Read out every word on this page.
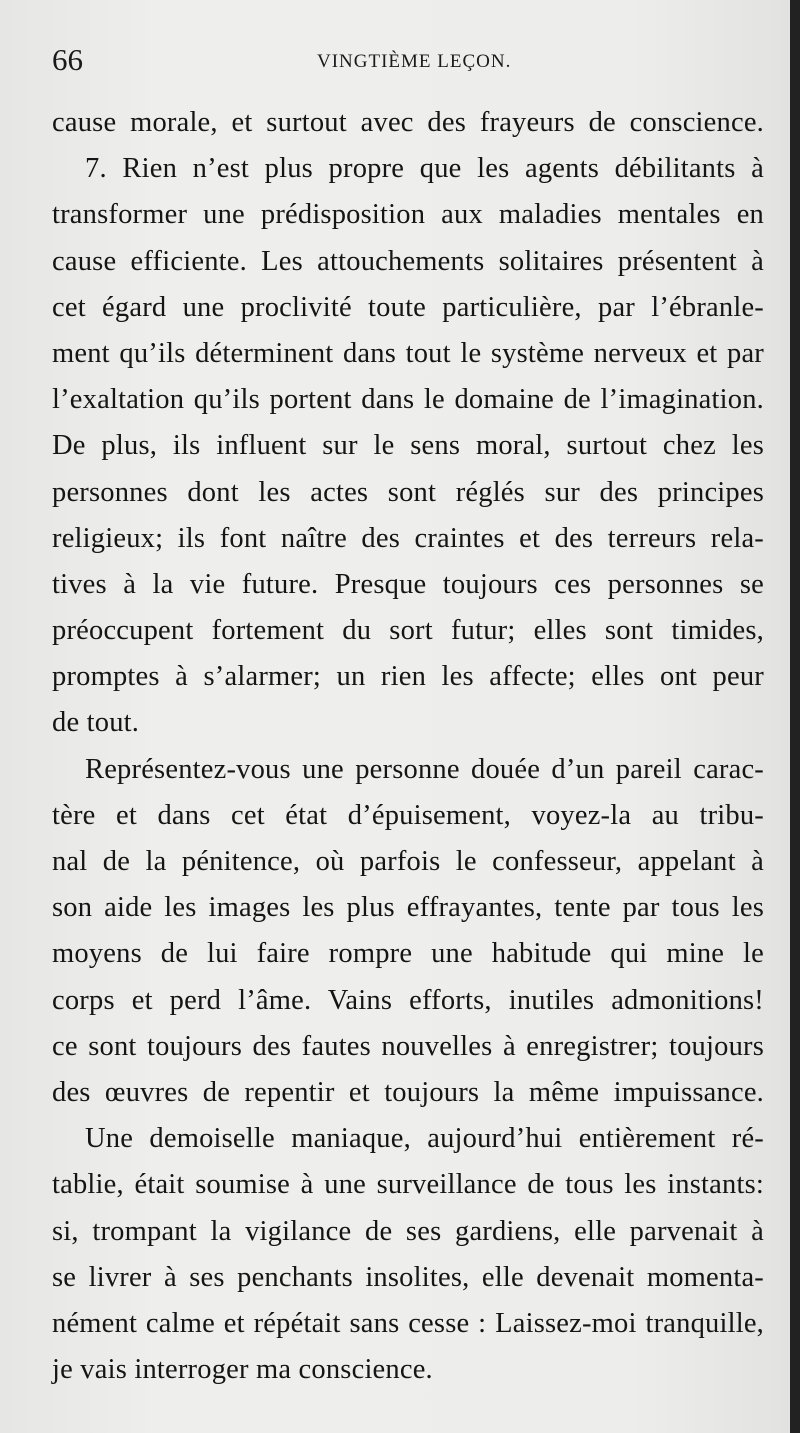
66	VINGTIÈME LEÇON.
cause morale, et surtout avec des frayeurs de conscience.
7. Rien n’est plus propre que les agents débilitants à
transformer une prédisposition aux maladies mentales en
cause efficiente. Les attouchements solitaires présentent à
cet égard une proclivité toute particulière, par l’ébranle-
ment qu’ils déterminent dans tout le système nerveux et par
l’exaltation qu’ils portent dans le domaine de l’imagination.
De plus, ils influent sur le sens moral, surtout chez les
personnes dont les actes sont réglés sur des principes
religieux; ils font naître des craintes et des terreurs rela-
tives à la vie future. Presque toujours ces personnes se
préoccupent fortement du sort futur; elles sont timides,
promptes à s’alarmer; un rien les affecte; elles ont peur
de tout.
Représentez-vous une personne douée d’un pareil carac-
tère et dans cet état d’épuisement, voyez-la au tribu-
nal de la pénitence, où parfois le confesseur, appelant à
son aide les images les plus effrayantes, tente par tous les
moyens de lui faire rompre une habitude qui mine le
corps et perd l’âme. Vains efforts, inutiles admonitions!
ce sont toujours des fautes nouvelles à enregistrer; toujours
des œuvres de repentir et toujours la même impuissance.
Une demoiselle maniaque, aujourd’hui entièrement ré-
tablie, était soumise à une surveillance de tous les instants:
si, trompant la vigilance de ses gardiens, elle parvenait à
se livrer à ses penchants insolites, elle devenait momenta-
nément calme et répétait sans cesse : Laissez-moi tranquille,
je vais interroger ma conscience.
